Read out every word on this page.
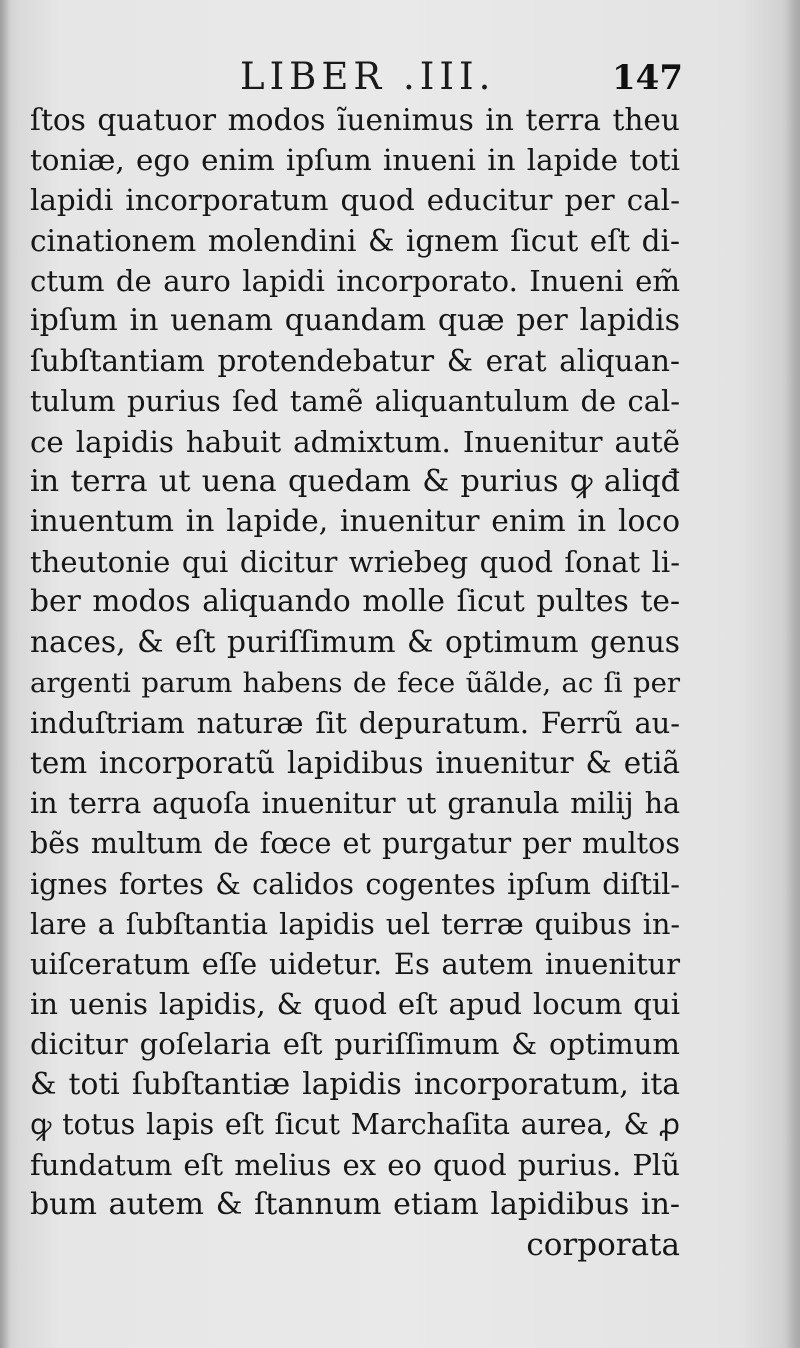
LIBER .III.	147
ſtos quatuor modos ĩuenimus in terra theu
toniæ, ego enim ipſum inueni in lapide toti
lapidi incorporatum quod educitur per cal-
cinationem molendini & ignem ſicut eſt di-
ctum de auro lapidi incorporato. Inueni em̃
ipſum in uenam quandam quæ per lapidis
ſubſtantiam protendebatur & erat aliquan-
tulum purius ſed tamẽ aliquantulum de cal-
ce lapidis habuit admixtum. Inuenitur autẽ
in terra ut uena quedam & purius ꝙ aliqđ
inuentum in lapide, inuenitur enim in loco
theutonie qui dicitur wriebeg quod ſonat li-
ber modos aliquando molle ſicut pultes te-
naces, & eſt puriſſimum & optimum genus
argenti parum habens de fece ũãlde, ac ſi per
induſtriam naturæ ſit depuratum. Ferrũ au-
tem incorporatũ lapidibus inuenitur & etiã
in terra aquoſa inuenitur ut granula milij ha
bẽs multum de fœce et purgatur per multos
ignes fortes & calidos cogentes ipſum diſtil-
lare a ſubſtantia lapidis uel terræ quibus in-
uiſceratum eſſe uidetur. Es autem inuenitur
in uenis lapidis, & quod eſt apud locum qui
dicitur goſelaria eſt puriſſimum & optimum
& toti ſubſtantiæ lapidis incorporatum, ita
ꝙ totus lapis eſt ſicut Marchaſita aurea, & ꝓ
fundatum eſt melius ex eo quod purius. Plũ
bum autem & ſtannum etiam lapidibus in-
corporata
